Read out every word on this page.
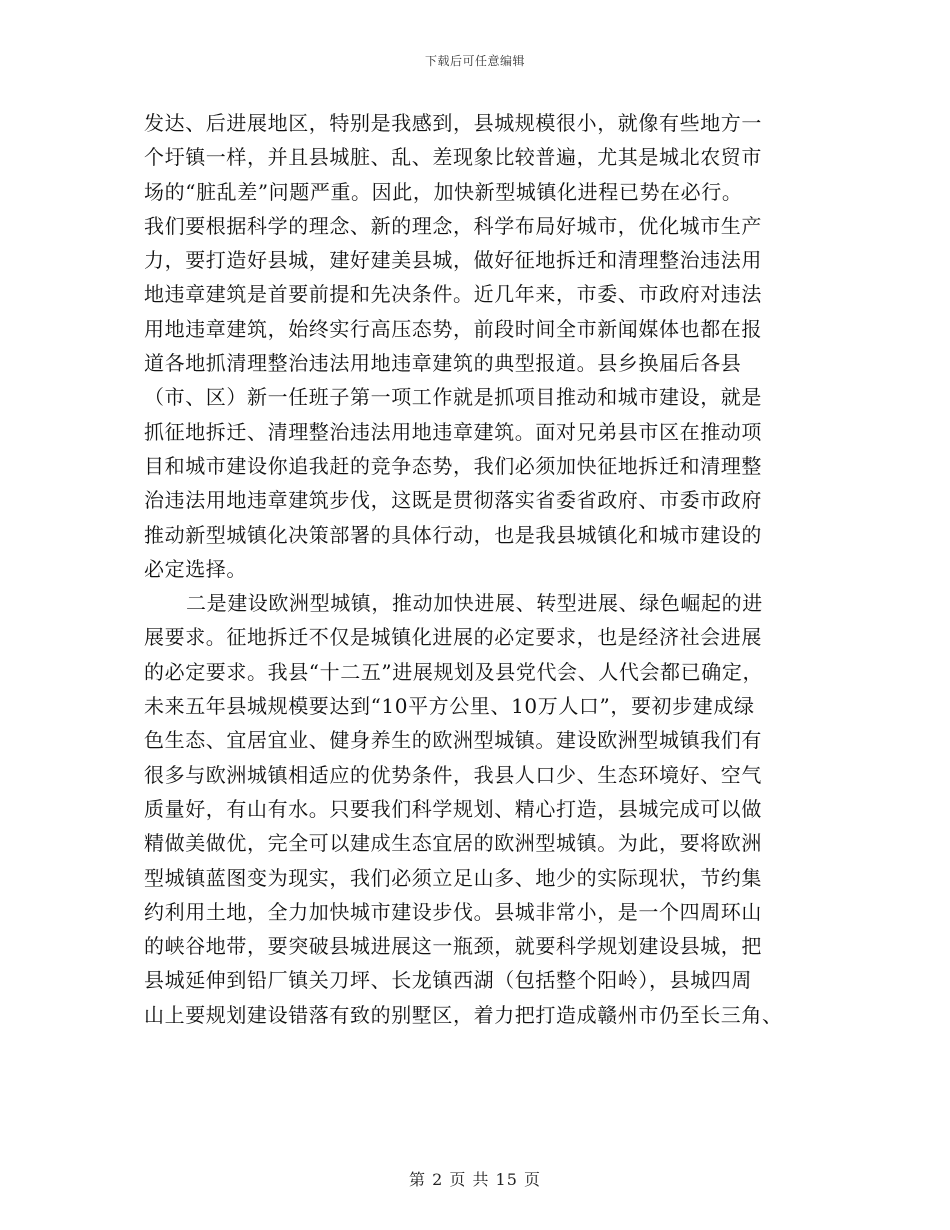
下载后可任意编辑
发达、后进展地区，特别是我感到，县城规模很小，就像有些地方一
个圩镇一样，并且县城脏、乱、差现象比较普遍，尤其是城北农贸市
场的“脏乱差”问题严重。因此，加快新型城镇化进程已势在必行。
我们要根据科学的理念、新的理念，科学布局好城市，优化城市生产
力，要打造好县城，建好建美县城，做好征地拆迁和清理整治违法用
地违章建筑是首要前提和先决条件。近几年来，市委、市政府对违法
用地违章建筑，始终实行高压态势，前段时间全市新闻媒体也都在报
道各地抓清理整治违法用地违章建筑的典型报道。县乡换届后各县
（市、区）新一任班子第一项工作就是抓项目推动和城市建设，就是
抓征地拆迁、清理整治违法用地违章建筑。面对兄弟县市区在推动项
目和城市建设你追我赶的竞争态势，我们必须加快征地拆迁和清理整
治违法用地违章建筑步伐，这既是贯彻落实省委省政府、市委市政府
推动新型城镇化决策部署的具体行动，也是我县城镇化和城市建设的
必定选择。
二是建设欧洲型城镇，推动加快进展、转型进展、绿色崛起的进
展要求。征地拆迁不仅是城镇化进展的必定要求，也是经济社会进展
的必定要求。我县“十二五”进展规划及县党代会、人代会都已确定，
未来五年县城规模要达到“10平方公里、10万人口”，要初步建成绿
色生态、宜居宜业、健身养生的欧洲型城镇。建设欧洲型城镇我们有
很多与欧洲城镇相适应的优势条件，我县人口少、生态环境好、空气
质量好，有山有水。只要我们科学规划、精心打造，县城完成可以做
精做美做优，完全可以建成生态宜居的欧洲型城镇。为此，要将欧洲
型城镇蓝图变为现实，我们必须立足山多、地少的实际现状，节约集
约利用土地，全力加快城市建设步伐。县城非常小，是一个四周环山
的峡谷地带，要突破县城进展这一瓶颈，就要科学规划建设县城，把
县城延伸到铅厂镇关刀坪、长龙镇西湖（包括整个阳岭），县城四周
山上要规划建设错落有致的别墅区，着力把打造成赣州市仍至长三角、
第 2 页 共 15 页
